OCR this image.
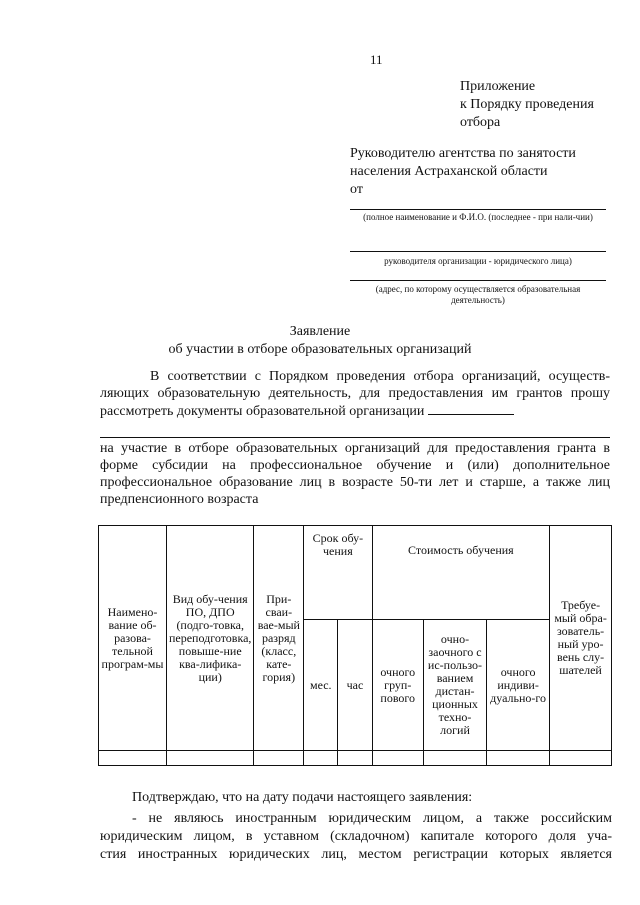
11
Приложение
к Порядку проведения
отбора
Руководителю агентства по занятости
населения Астраханской области
от
(полное наименование и Ф.И.О. (последнее - при нали-чии)
руководителя организации - юридического лица)
(адрес, по которому осуществляется образовательная деятельность)
Заявление
об участии в отборе образовательных организаций
В соответствии с Порядком проведения отбора организаций, осуществ-ляющих образовательную деятельность, для предоставления им грантов прошу рассмотреть документы образовательной организации
на участие в отборе образовательных организаций для предоставления гранта в форме субсидии на профессиональное обучение и (или) дополнительное профессиональное образование лиц в возрасте 50-ти лет и старше, а также лиц предпенсионного возраста
Наимено-вание об-разова-тельной програм-мы	Вид обу-чения ПО, ДПО (подго-товка, переподготовка, повыше-ние ква-лифика-ции)	При-сваи-вае-мый разряд (класс, кате-гория)	Срок обу-чения		Стоимость обучения			Требуе-мый обра-зователь-ный уро-вень слу-шателей
			мес.	час	очного груп-пового	очно-заочного с ис-пользо-ванием дистан-ционных техно-логий	очного индиви-дуально-го	

Подтверждаю, что на дату подачи настоящего заявления:

- не являюсь иностранным юридическим лицом, а также российским

юридическим лицом, в уставном (складочном) капитале которого доля уча-

стия иностранных юридических лиц, местом регистрации которых является
